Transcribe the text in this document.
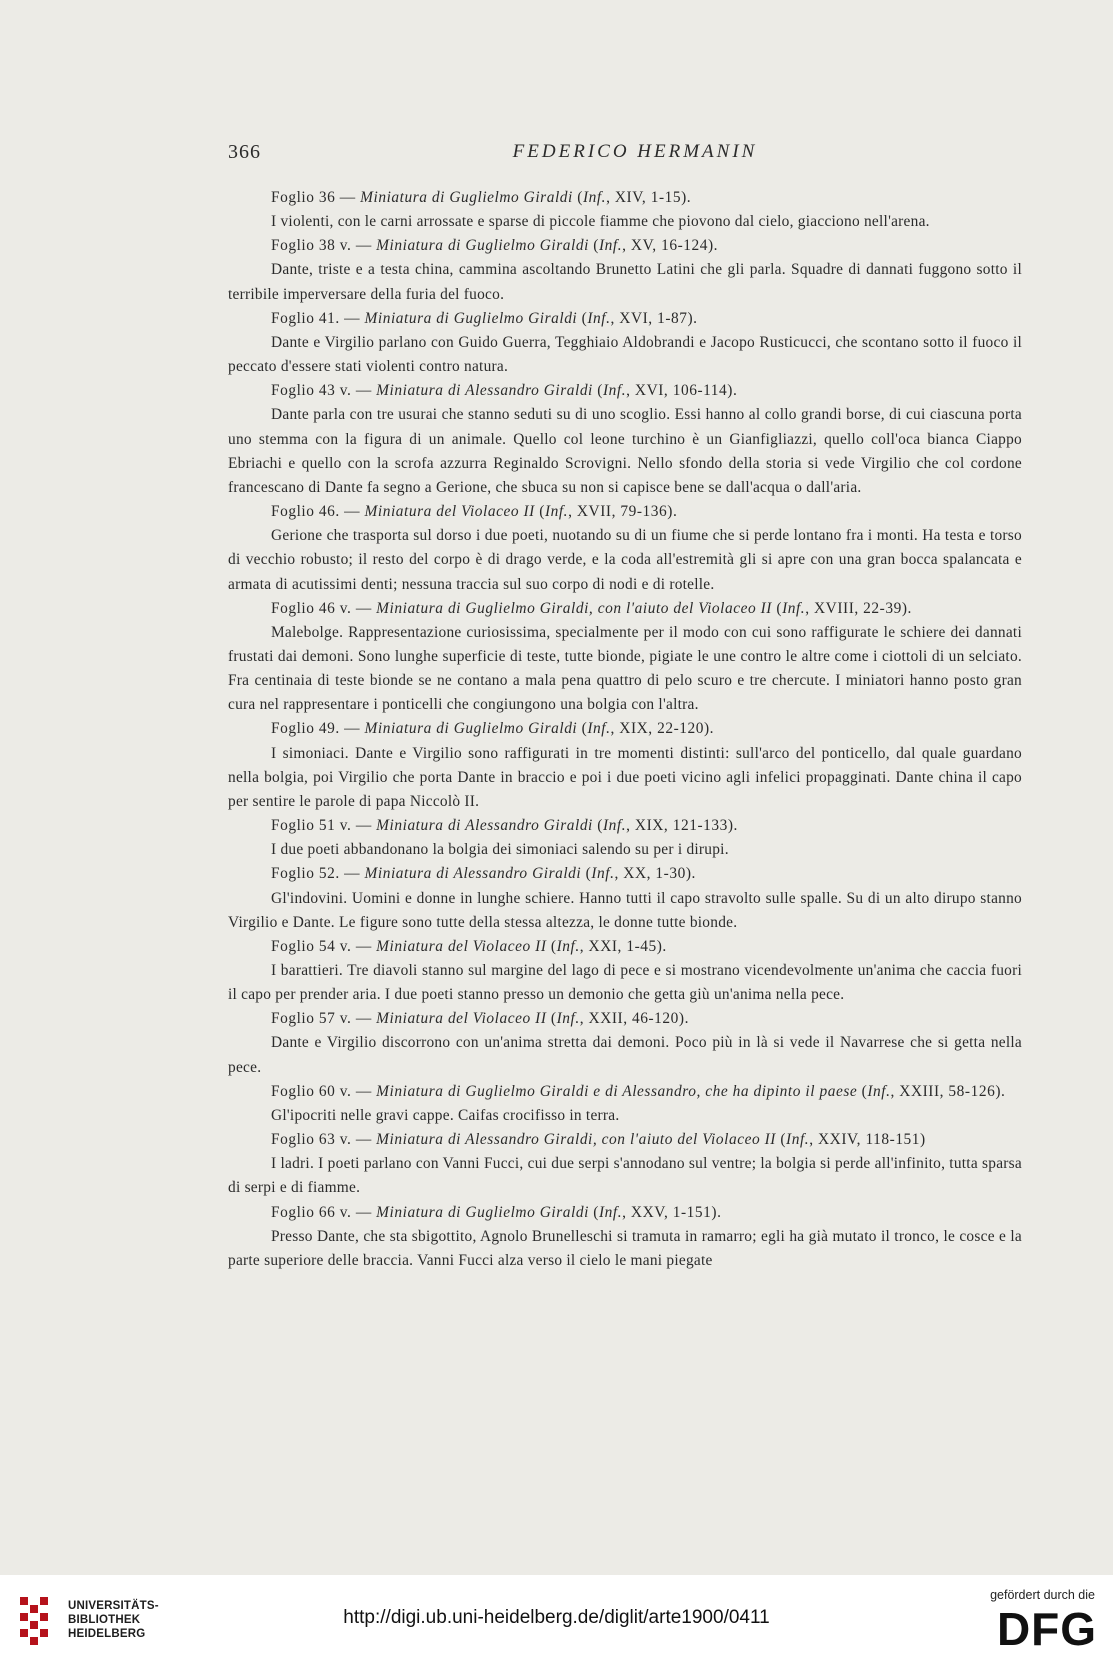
366	FEDERICO HERMANIN

Foglio 36 — Miniatura di Guglielmo Giraldi (Inf., XIV, 1-15).

I violenti, con le carni arrossate e sparse di piccole fiamme che piovono dal cielo, giacciono nell'arena.

Foglio 38 v. — Miniatura di Guglielmo Giraldi (Inf., XV, 16-124).

Dante, triste e a testa china, cammina ascoltando Brunetto Latini che gli parla. Squadre di dannati fuggono sotto il terribile imperversare della furia del fuoco.

Foglio 41. — Miniatura di Guglielmo Giraldi (Inf., XVI, 1-87).

Dante e Virgilio parlano con Guido Guerra, Tegghiaio Aldobrandi e Jacopo Rusticucci, che scontano sotto il fuoco il peccato d'essere stati violenti contro natura.

Foglio 43 v. — Miniatura di Alessandro Giraldi (Inf., XVI, 106-114).

Dante parla con tre usurai che stanno seduti su di uno scoglio. Essi hanno al collo grandi borse, di cui ciascuna porta uno stemma con la figura di un animale. Quello col leone turchino è un Gianfigliazzi, quello coll'oca bianca Ciappo Ebriachi e quello con la scrofa azzurra Reginaldo Scrovigni. Nello sfondo della storia si vede Virgilio che col cordone francescano di Dante fa segno a Gerione, che sbuca su non si capisce bene se dall'acqua o dall'aria.

Foglio 46. — Miniatura del Violaceo II (Inf., XVII, 79-136).

Gerione che trasporta sul dorso i due poeti, nuotando su di un fiume che si perde lontano fra i monti. Ha testa e torso di vecchio robusto; il resto del corpo è di drago verde, e la coda all'estremità gli si apre con una gran bocca spalancata e armata di acutissimi denti; nessuna traccia sul suo corpo di nodi e di rotelle.

Foglio 46 v. — Miniatura di Guglielmo Giraldi, con l'aiuto del Violaceo II (Inf., XVIII, 22-39).

Malebolge. Rappresentazione curiosissima, specialmente per il modo con cui sono raffigurate le schiere dei dannati frustati dai demoni. Sono lunghe superficie di teste, tutte bionde, pigiate le une contro le altre come i ciottoli di un selciato. Fra centinaia di teste bionde se ne contano a mala pena quattro di pelo scuro e tre chercute. I miniatori hanno posto gran cura nel rappresentare i ponticelli che congiungono una bolgia con l'altra.

Foglio 49. — Miniatura di Guglielmo Giraldi (Inf., XIX, 22-120).

I simoniaci. Dante e Virgilio sono raffigurati in tre momenti distinti: sull'arco del ponticello, dal quale guardano nella bolgia, poi Virgilio che porta Dante in braccio e poi i due poeti vicino agli infelici propagginati. Dante china il capo per sentire le parole di papa Niccolò II.

Foglio 51 v. — Miniatura di Alessandro Giraldi (Inf., XIX, 121-133).

I due poeti abbandonano la bolgia dei simoniaci salendo su per i dirupi.

Foglio 52. — Miniatura di Alessandro Giraldi (Inf., XX, 1-30).

Gl'indovini. Uomini e donne in lunghe schiere. Hanno tutti il capo stravolto sulle spalle. Su di un alto dirupo stanno Virgilio e Dante. Le figure sono tutte della stessa altezza, le donne tutte bionde.

Foglio 54 v. — Miniatura del Violaceo II (Inf., XXI, 1-45).

I barattieri. Tre diavoli stanno sul margine del lago di pece e si mostrano vicendevolmente un'anima che caccia fuori il capo per prender aria. I due poeti stanno presso un demonio che getta giù un'anima nella pece.

Foglio 57 v. — Miniatura del Violaceo II (Inf., XXII, 46-120).

Dante e Virgilio discorrono con un'anima stretta dai demoni. Poco più in là si vede il Navarrese che si getta nella pece.

Foglio 60 v. — Miniatura di Guglielmo Giraldi e di Alessandro, che ha dipinto il paese (Inf., XXIII, 58-126).

Gl'ipocriti nelle gravi cappe. Caifas crocifisso in terra.

Foglio 63 v. — Miniatura di Alessandro Giraldi, con l'aiuto del Violaceo II (Inf., XXIV, 118-151)

I ladri. I poeti parlano con Vanni Fucci, cui due serpi s'annodano sul ventre; la bolgia si perde all'infinito, tutta sparsa di serpi e di fiamme.

Foglio 66 v. — Miniatura di Guglielmo Giraldi (Inf., XXV, 1-151).

Presso Dante, che sta sbigottito, Agnolo Brunelleschi si tramuta in ramarro; egli ha già mutato il tronco, le cosce e la parte superiore delle braccia. Vanni Fucci alza verso il cielo le mani piegate

UNIVERSITÄTS-
BIBLIOTHEK
HEIDELBERG
http://digi.ub.uni-heidelberg.de/diglit/arte1900/0411
gefördert durch die
DFG
